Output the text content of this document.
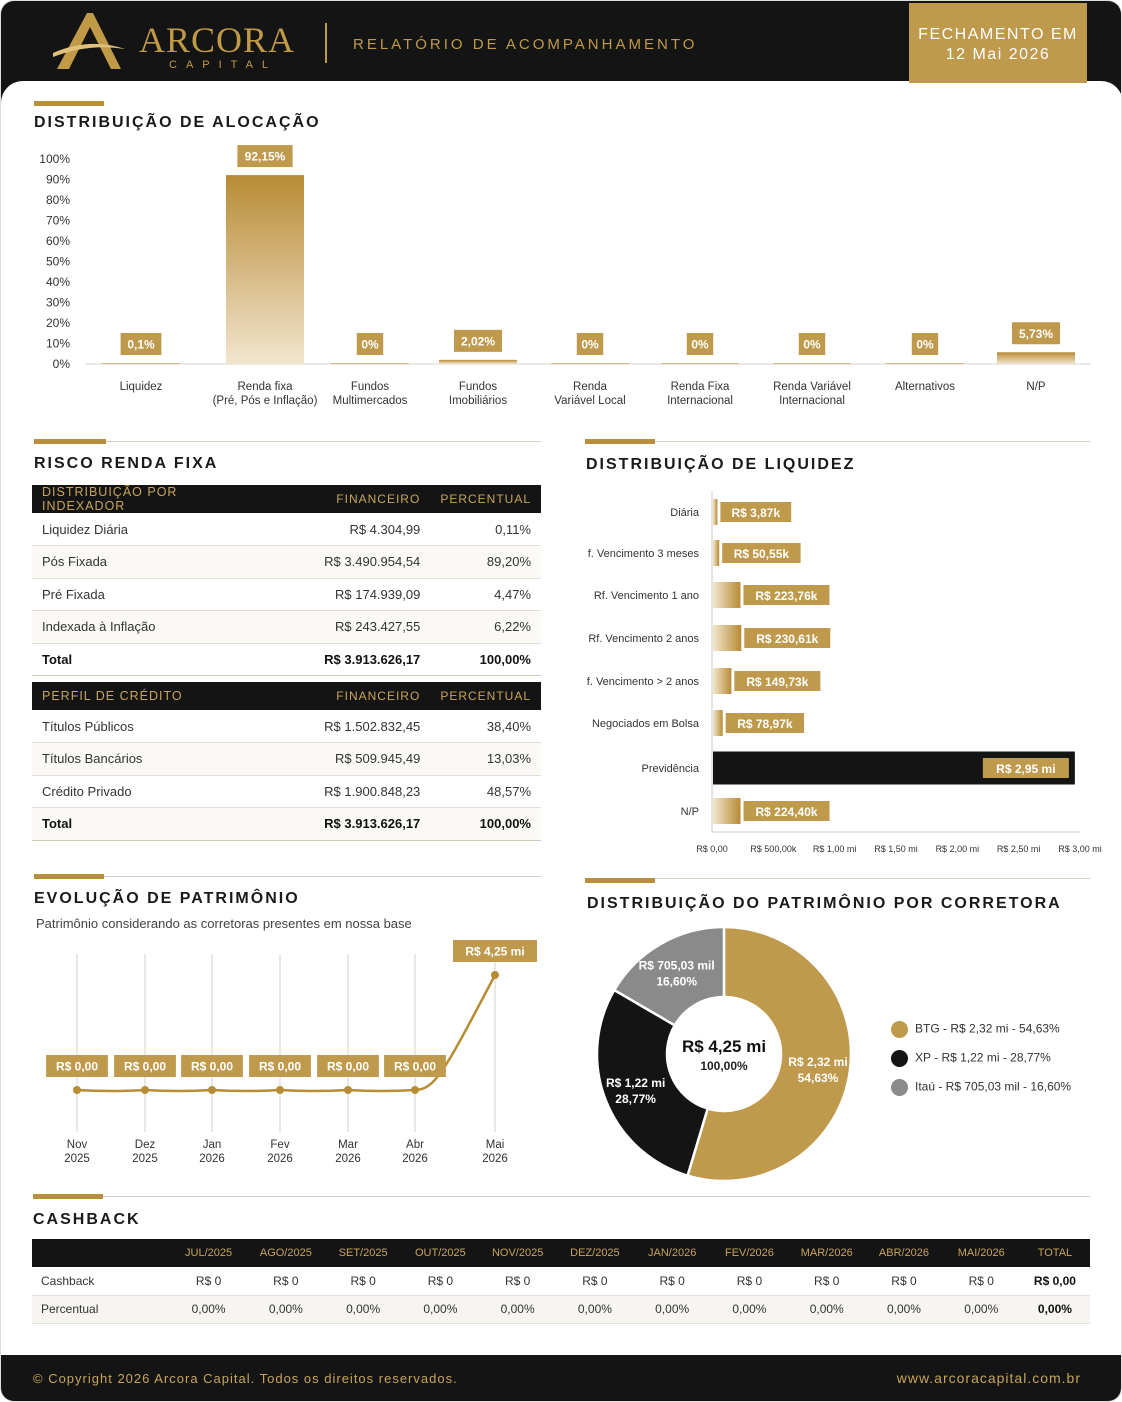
ARCORA
CAPITAL
RELATÓRIO DE ACOMPANHAMENTO
FECHAMENTO EM
12 Mai 2026
DISTRIBUIÇÃO DE ALOCAÇÃO
100%
90%
80%
70%
60%
50%
40%
30%
20%
10%
0%
0,1%
Liquidez
92,15%
Renda fixa
(Pré, Pós e Inflação)
0%
Fundos
Multimercados
2,02%
Fundos
Imobiliários
0%
Renda
Variável Local
0%
Renda Fixa
Internacional
0%
Renda Variável
Internacional
0%
Alternativos
5,73%
N/P
RISCO RENDA FIXA
DISTRIBUIÇÃO POR INDEXADOR	FINANCEIRO	PERCENTUAL
Liquidez Diária	R$ 4.304,99	0,11%
Pós Fixada	R$ 3.490.954,54	89,20%
Pré Fixada	R$ 174.939,09	4,47%
Indexada à Inflação	R$ 243.427,55	6,22%
Total	R$ 3.913.626,17	100,00%
PERFIL DE CRÉDITO	FINANCEIRO	PERCENTUAL
Títulos Públicos	R$ 1.502.832,45	38,40%
Títulos Bancários	R$ 509.945,49	13,03%
Crédito Privado	R$ 1.900.848,23	48,57%
Total	R$ 3.913.626,17	100,00%
DISTRIBUIÇÃO DE LIQUIDEZ
R$ 0,00	R$ 500,00k R$ 1,00 mi R$ 1,50 mi R$ 2,00 mi R$ 2,50 mi R$ 3,00 mi
Diária	R$ 3,87k
f. Vencimento 3 meses	R$ 50,55k
Rf. Vencimento 1 ano	R$ 223,76k
Rf. Vencimento 2 anos	R$ 230,61k
f. Vencimento > 2 anos	R$ 149,73k
Negociados em Bolsa	R$ 78,97k
Previdência	R$ 2,95 mi
N/P	R$ 224,40k
EVOLUÇÃO DE PATRIMÔNIO
Patrimônio considerando as corretoras presentes em nossa base
R$ 0,00
Nov
2025
R$ 0,00
Dez
2025
R$ 0,00
Jan
2026
R$ 0,00
Fev
2026
R$ 0,00
Mar
2026
R$ 0,00
Abr
2026
R$ 4,25 mi
Mai
2026
DISTRIBUIÇÃO DO PATRIMÔNIO POR CORRETORA
R$ 2,32 mi
54,63%
R$ 1,22 mi
28,77%
R$ 705,03 mil
16,60%
R$ 4,25 mi
100,00%
BTG - R$ 2,32 mi - 54,63%
XP - R$ 1,22 mi - 28,77%
Itaú - R$ 705,03 mil - 16,60%
CASHBACK
	JUL/2025	AGO/2025	SET/2025	OUT/2025	NOV/2025	DEZ/2025	JAN/2026	FEV/2026	MAR/2026	ABR/2026	MAI/2026	TOTAL
Cashback	R$ 0	R$ 0	R$ 0	R$ 0	R$ 0	R$ 0	R$ 0	R$ 0	R$ 0	R$ 0	R$ 0	R$ 0,00
Percentual	0,00%	0,00%	0,00%	0,00%	0,00%	0,00%	0,00%	0,00%	0,00%	0,00%	0,00%	0,00%
© Copyright 2026 Arcora Capital. Todos os direitos reservados.	www.arcoracapital.com.br
